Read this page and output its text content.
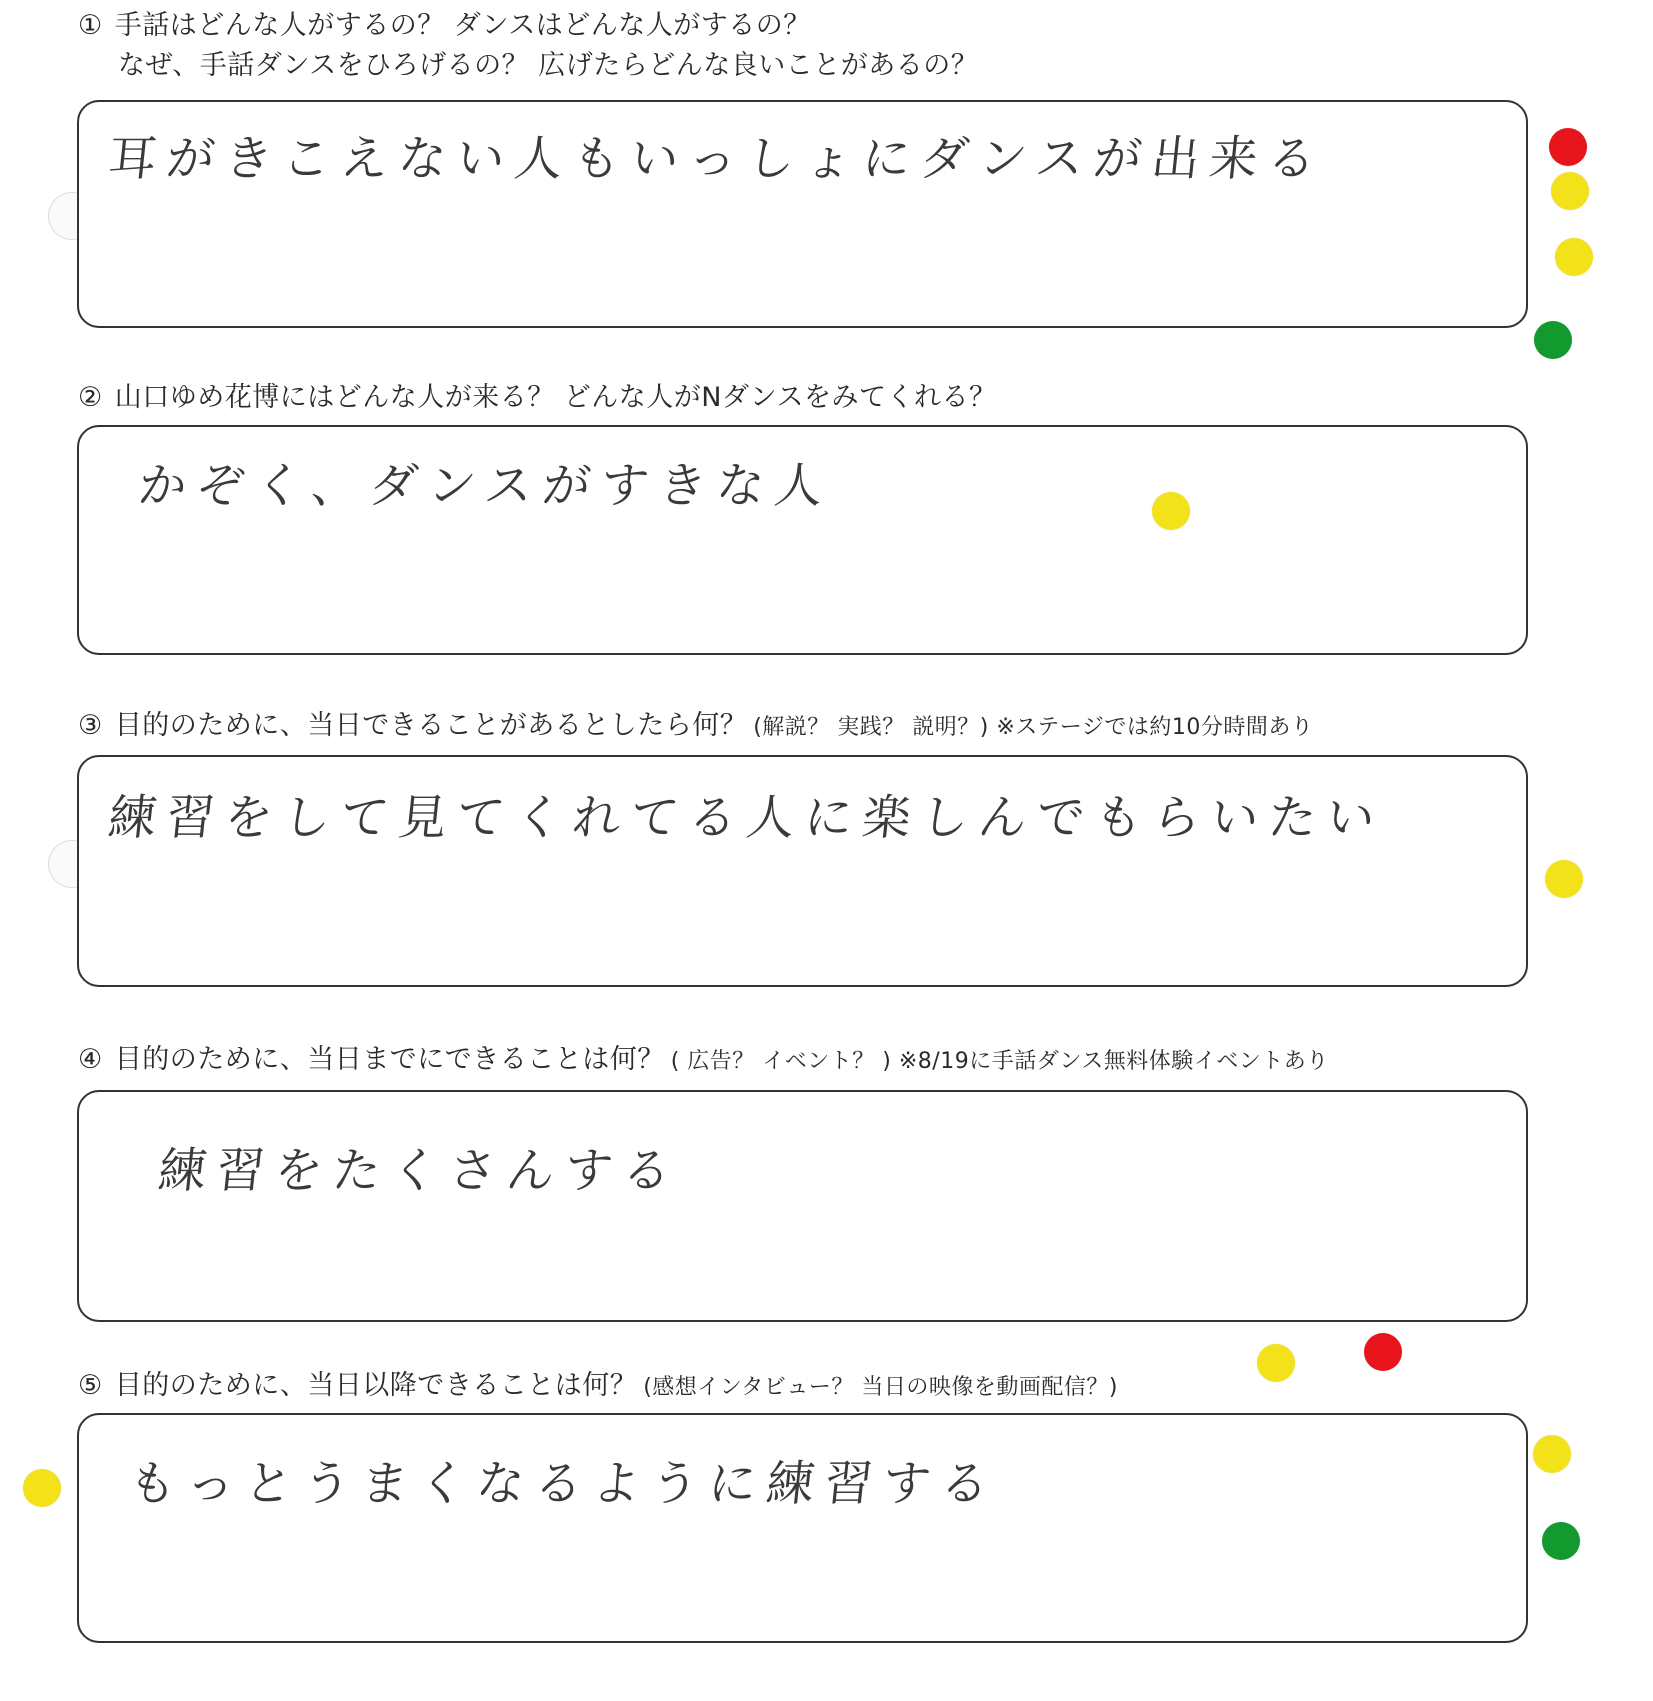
① 手話はどんな人がするの？ ダンスはどんな人がするの？
なぜ、手話ダンスをひろげるの？ 広げたらどんな良いことがあるの？
耳がきこえない人もいっしょにダンスが出来る
② 山口ゆめ花博にはどんな人が来る？ どんな人がNダンスをみてくれる？
かぞく、ダンスがすきな人
③ 目的のために、当日できることがあるとしたら何？ (解説？ 実践？ 説明？) ※ステージでは約10分時間あり
練習をして見てくれてる人に楽しんでもらいたい
④ 目的のために、当日までにできることは何？ ( 広告？ イベント？ ) ※8/19に手話ダンス無料体験イベントあり
練習をたくさんする
⑤ 目的のために、当日以降できることは何？ (感想インタビュー？ 当日の映像を動画配信？)
もっとうまくなるように練習する
